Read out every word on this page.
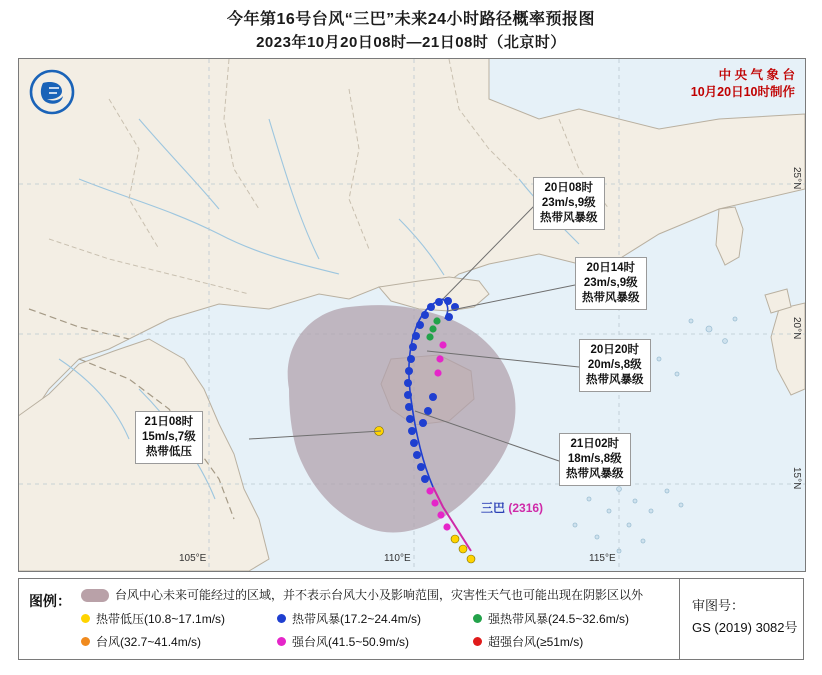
今年第16号台风“三巴”未来24小时路径概率预报图
2023年10月20日08时—21日08时（北京时）
中 央 气 象 台
10月20日10时制作
105°E	110°E	115°E
25°N
20°N
15°N
20日08时
23m/s,9级
热带风暴级
20日14时
23m/s,9级
热带风暴级
20日20时
20m/s,8级
热带风暴级
21日02时
18m/s,8级
热带风暴级
21日08时
15m/s,7级
热带低压
三巴 (2316)
图例：	台风中心未来可能经过的区域，并不表示台风大小及影响范围，灾害性天气也可能出现在阴影区以外
热带低压(10.8~17.1m/s)	热带风暴(17.2~24.4m/s)	强热带风暴(24.5~32.6m/s)
台风(32.7~41.4m/s)	强台风(41.5~50.9m/s)	超强台风(≥51m/s)
审图号：
GS (2019) 3082号
